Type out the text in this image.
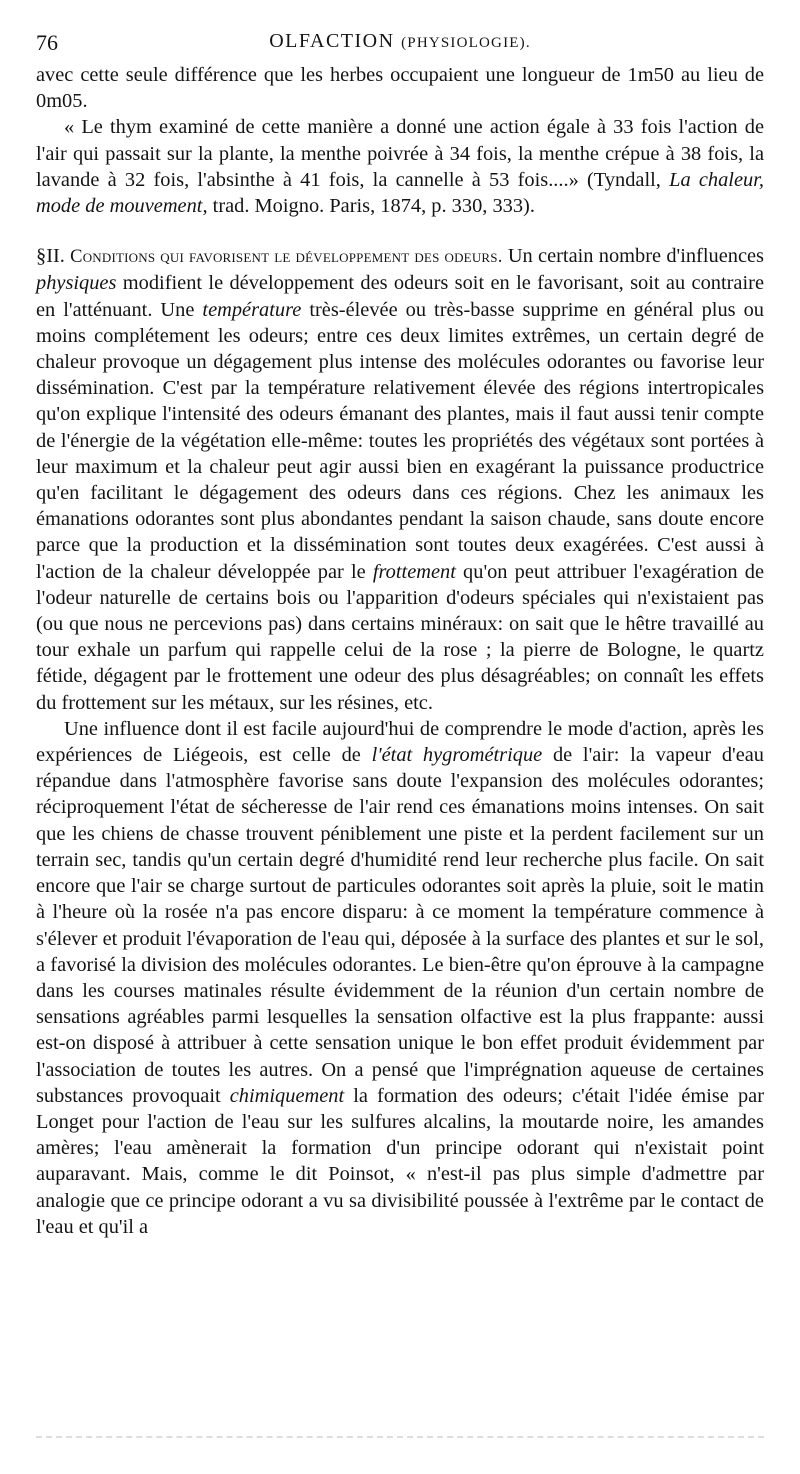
76	OLFACTION (PHYSIOLOGIE).

avec cette seule différence que les herbes occupaient une longueur de 1m50 au lieu de 0m05.

« Le thym examiné de cette manière a donné une action égale à 33 fois l'action de l'air qui passait sur la plante, la menthe poivrée à 34 fois, la menthe crépue à 38 fois, la lavande à 32 fois, l'absinthe à 41 fois, la cannelle à 53 fois....» (Tyndall, La chaleur, mode de mouvement, trad. Moigno. Paris, 1874, p. 330, 333).

§II. Conditions qui favorisent le développement des odeurs. Un certain nombre d'influences physiques modifient le développement des odeurs soit en le favorisant, soit au contraire en l'atténuant. Une température très-élevée ou très-basse supprime en général plus ou moins complétement les odeurs; entre ces deux limites extrêmes, un certain degré de chaleur provoque un dégagement plus intense des molécules odorantes ou favorise leur dissémination. C'est par la température relativement élevée des régions intertropicales qu'on explique l'intensité des odeurs émanant des plantes, mais il faut aussi tenir compte de l'énergie de la végétation elle-même: toutes les propriétés des végétaux sont portées à leur maximum et la chaleur peut agir aussi bien en exagérant la puissance productrice qu'en facilitant le dégagement des odeurs dans ces régions. Chez les animaux les émanations odorantes sont plus abondantes pendant la saison chaude, sans doute encore parce que la production et la dissémination sont toutes deux exagérées. C'est aussi à l'action de la chaleur développée par le frottement qu'on peut attribuer l'exagération de l'odeur naturelle de certains bois ou l'apparition d'odeurs spéciales qui n'existaient pas (ou que nous ne percevions pas) dans certains minéraux: on sait que le hêtre travaillé au tour exhale un parfum qui rappelle celui de la rose ; la pierre de Bologne, le quartz fétide, dégagent par le frottement une odeur des plus désagréables; on connaît les effets du frottement sur les métaux, sur les résines, etc.

Une influence dont il est facile aujourd'hui de comprendre le mode d'action, après les expériences de Liégeois, est celle de l'état hygrométrique de l'air: la vapeur d'eau répandue dans l'atmosphère favorise sans doute l'expansion des molécules odorantes; réciproquement l'état de sécheresse de l'air rend ces émanations moins intenses. On sait que les chiens de chasse trouvent péniblement une piste et la perdent facilement sur un terrain sec, tandis qu'un certain degré d'humidité rend leur recherche plus facile. On sait encore que l'air se charge surtout de particules odorantes soit après la pluie, soit le matin à l'heure où la rosée n'a pas encore disparu: à ce moment la température commence à s'élever et produit l'évaporation de l'eau qui, déposée à la surface des plantes et sur le sol, a favorisé la division des molécules odorantes. Le bien-être qu'on éprouve à la campagne dans les courses matinales résulte évidemment de la réunion d'un certain nombre de sensations agréables parmi lesquelles la sensation olfactive est la plus frappante: aussi est-on disposé à attribuer à cette sensation unique le bon effet produit évidemment par l'association de toutes les autres. On a pensé que l'imprégnation aqueuse de certaines substances provoquait chimiquement la formation des odeurs; c'était l'idée émise par Longet pour l'action de l'eau sur les sulfures alcalins, la moutarde noire, les amandes amères; l'eau amènerait la formation d'un principe odorant qui n'existait point auparavant. Mais, comme le dit Poinsot, « n'est-il pas plus simple d'admettre par analogie que ce principe odorant a vu sa divisibilité poussée à l'extrême par le contact de l'eau et qu'il a
